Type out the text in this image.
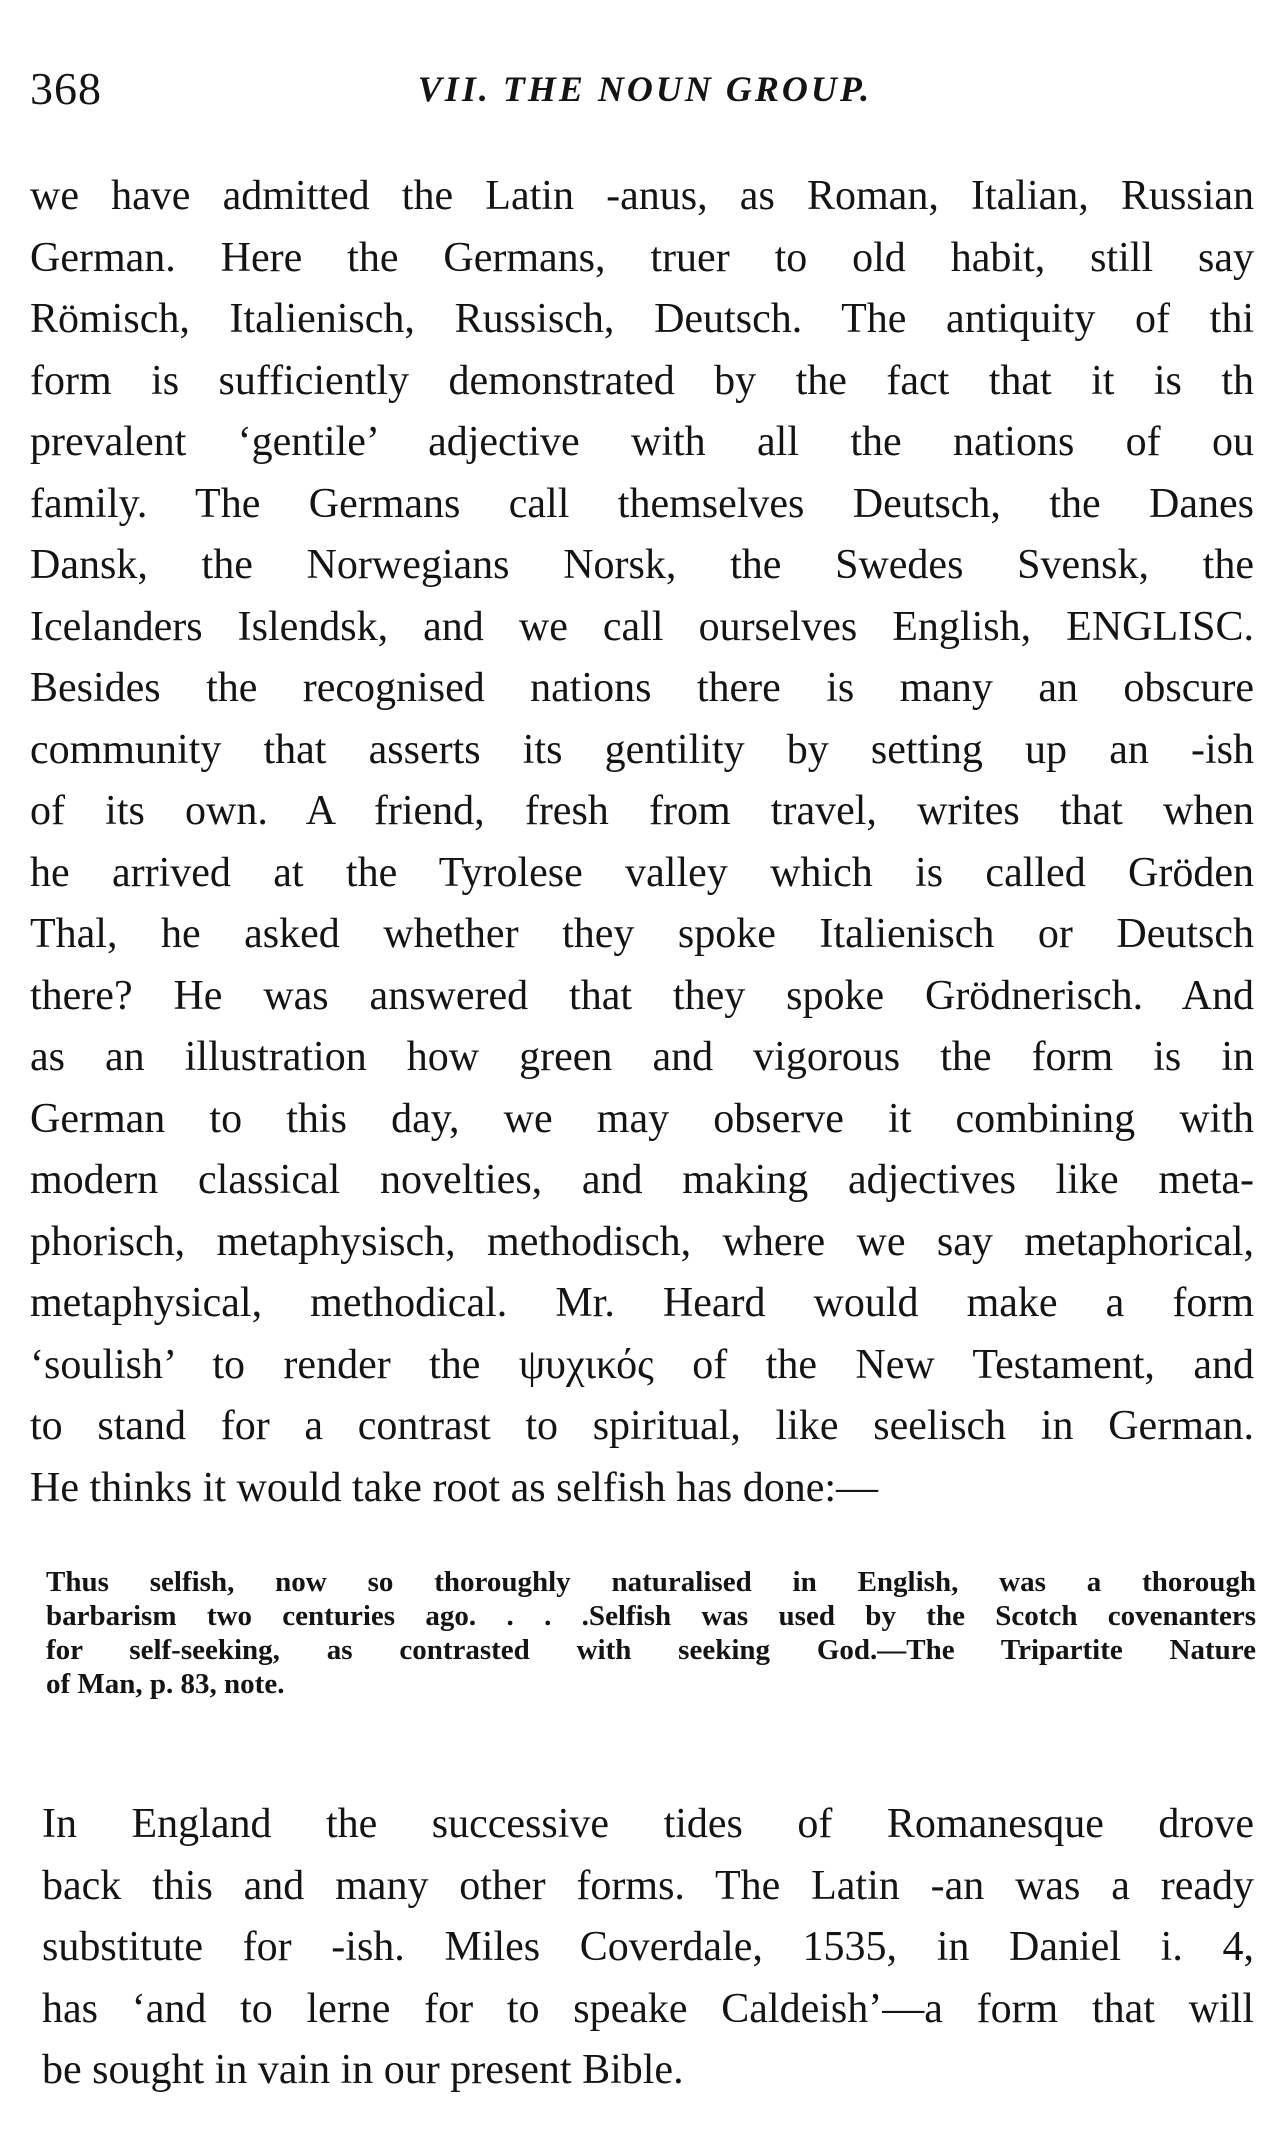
368	VII. THE NOUN GROUP.
we have admitted the Latin -anus, as Roman, Italian, Russian
German. Here the Germans, truer to old habit, still say
Römisch, Italienisch, Russisch, Deutsch. The antiquity of thi
form is sufficiently demonstrated by the fact that it is th
prevalent ‘gentile’ adjective with all the nations of ou
family. The Germans call themselves Deutsch, the Danes
Dansk, the Norwegians Norsk, the Swedes Svensk, the
Icelanders Islendsk, and we call ourselves English, ENGLISC.
Besides the recognised nations there is many an obscure
community that asserts its gentility by setting up an -ish
of its own. A friend, fresh from travel, writes that when
he arrived at the Tyrolese valley which is called Gröden
Thal, he asked whether they spoke Italienisch or Deutsch
there? He was answered that they spoke Grödnerisch. And
as an illustration how green and vigorous the form is in
German to this day, we may observe it combining with
modern classical novelties, and making adjectives like meta-
phorisch, metaphysisch, methodisch, where we say metaphorical,
metaphysical, methodical. Mr. Heard would make a form
‘soulish’ to render the ψυχικός of the New Testament, and
to stand for a contrast to spiritual, like seelisch in German.
He thinks it would take root as selfish has done:—
Thus selfish, now so thoroughly naturalised in English, was a thorough
barbarism two centuries ago. . . .Selfish was used by the Scotch covenanters
for self-seeking, as contrasted with seeking God.—The Tripartite Nature
of Man, p. 83, note.
In England the successive tides of Romanesque drove
back this and many other forms. The Latin -an was a ready
substitute for -ish. Miles Coverdale, 1535, in Daniel i. 4,
has ‘and to lerne for to speake Caldeish’—a form that will
be sought in vain in our present Bible.
